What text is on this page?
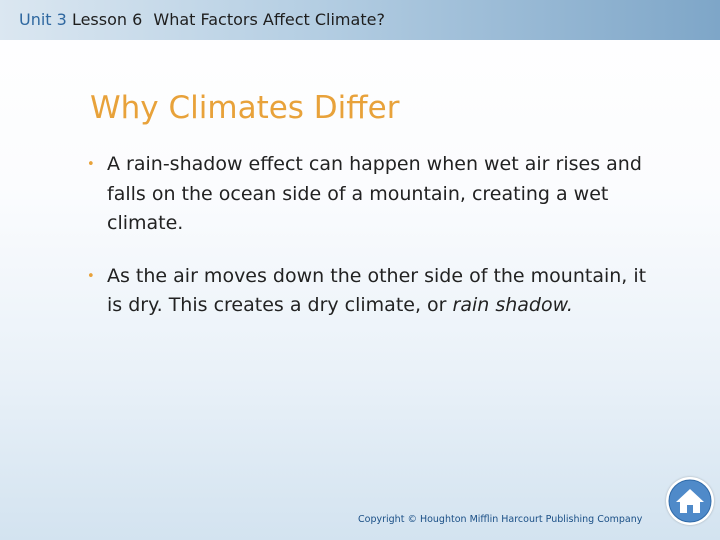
Unit 3 Lesson 6 What Factors Affect Climate?
Why Climates Differ
• A rain-shadow effect can happen when wet air rises and falls on the ocean side of a mountain, creating a wet climate.
• As the air moves down the other side of the mountain, it is dry. This creates a dry climate, or rain shadow.
Copyright © Houghton Mifflin Harcourt Publishing Company
